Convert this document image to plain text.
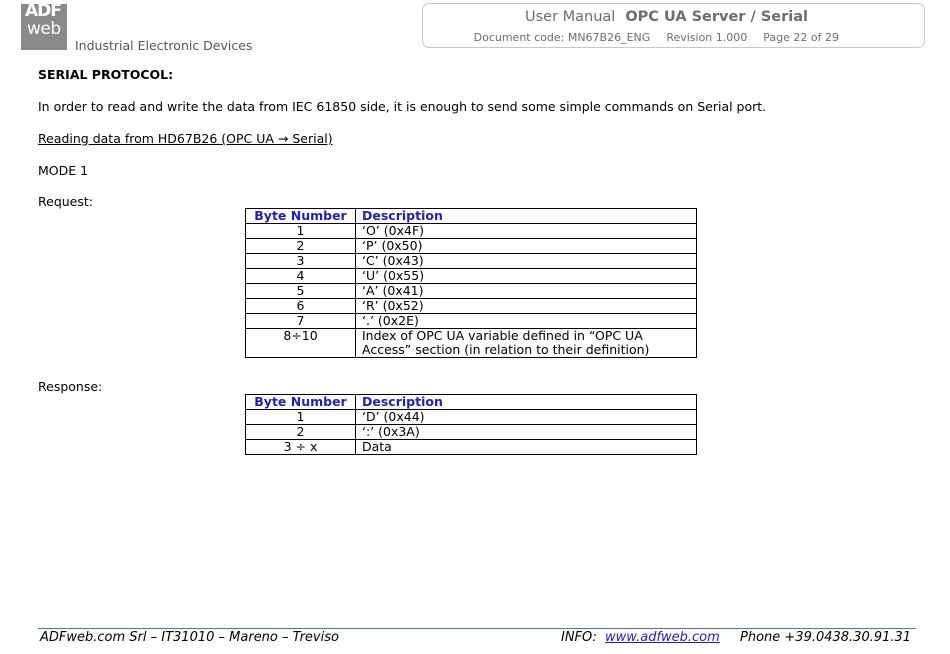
ADF
web
Industrial Electronic Devices
User Manual OPC UA Server / Serial
Document code: MN67B26_ENG Revision 1.000 Page 22 of 29
SERIAL PROTOCOL:
In order to read and write the data from IEC 61850 side, it is enough to send some simple commands on Serial port.
Reading data from HD67B26 (OPC UA → Serial)
MODE 1
Request:
Byte Number	Description
1	‘O’ (0x4F)
2	‘P’ (0x50)
3	‘C’ (0x43)
4	‘U’ (0x55)
5	‘A’ (0x41)
6	‘R’ (0x52)
7	‘.’ (0x2E)
8÷10	Index of OPC UA variable defined in “OPC UA Access” section (in relation to their definition)
Response:
Byte Number	Description
1	‘D’ (0x44)
2	‘:’ (0x3A)
3 ÷ x	Data
ADFweb.com Srl – IT31010 – Mareno – Treviso	INFO: www.adfweb.com Phone +39.0438.30.91.31
